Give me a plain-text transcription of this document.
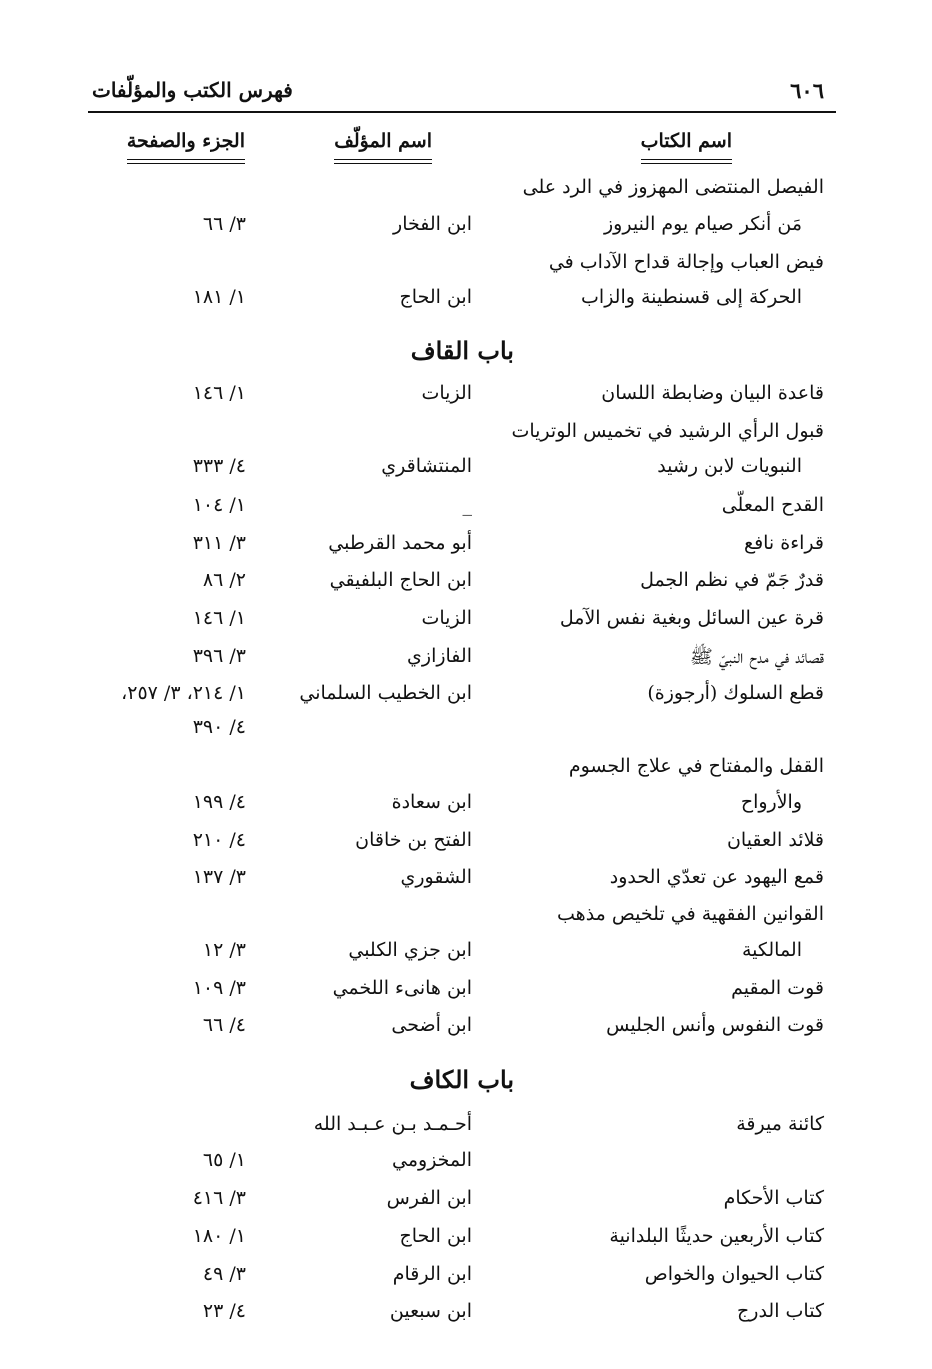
٦٠٦
فهرس الكتب والمؤلّفات
اسم الكتاب
اسم المؤلّف
الجزء والصفحة
الفيصل المنتضى المهزوز في الرد على
مَن أنكر صيام يوم النيروز
ابن الفخار
٣/ ٦٦
فيض العباب وإجالة قداح الآداب في
الحركة إلى قسنطينة والزاب
ابن الحاج
١/ ١٨١
باب القاف
قاعدة البيان وضابطة اللسان
الزيات
١/ ١٤٦
قبول الرأي الرشيد في تخميس الوتريات
النبويات لابن رشيد
المنتشاقري
٤/ ٣٣٣
القدح المعلّى
_
١/ ١٠٤
قراءة نافع
أبو محمد القرطبي
٣/ ٣١١
قدرٌ جَمّ في نظم الجمل
ابن الحاج البلفيقي
٢/ ٨٦
قرة عين السائل وبغية نفس الآمل
الزيات
١/ ١٤٦
قصائد في مدح النبيّ ﷺ
الفازازي
٣/ ٣٩٦
قطع السلوك (أرجوزة)
ابن الخطيب السلماني
١/ ٢١٤، ٣/ ٢٥٧،
٤/ ٣٩٠
القفل والمفتاح في علاج الجسوم
والأرواح
ابن سعادة
٤/ ١٩٩
قلائد العقيان
الفتح بن خاقان
٤/ ٢١٠
قمع اليهود عن تعدّي الحدود
الشقوري
٣/ ١٣٧
القوانين الفقهية في تلخيص مذهب
المالكية
ابن جزي الكلبي
٣/ ١٢
قوت المقيم
ابن هانىء اللخمي
٣/ ١٠٩
قوت النفوس وأنس الجليس
ابن أضحى
٤/ ٦٦
باب الكاف
كائنة ميرقة
أحـمـد بـن عـبـد الله
المخزومي
١/ ٦٥
كتاب الأحكام
ابن الفرس
٣/ ٤١٦
كتاب الأربعين حديثًا البلدانية
ابن الحاج
١/ ١٨٠
كتاب الحيوان والخواص
ابن الرقام
٣/ ٤٩
كتاب الدرج
ابن سبعين
٤/ ٢٣
